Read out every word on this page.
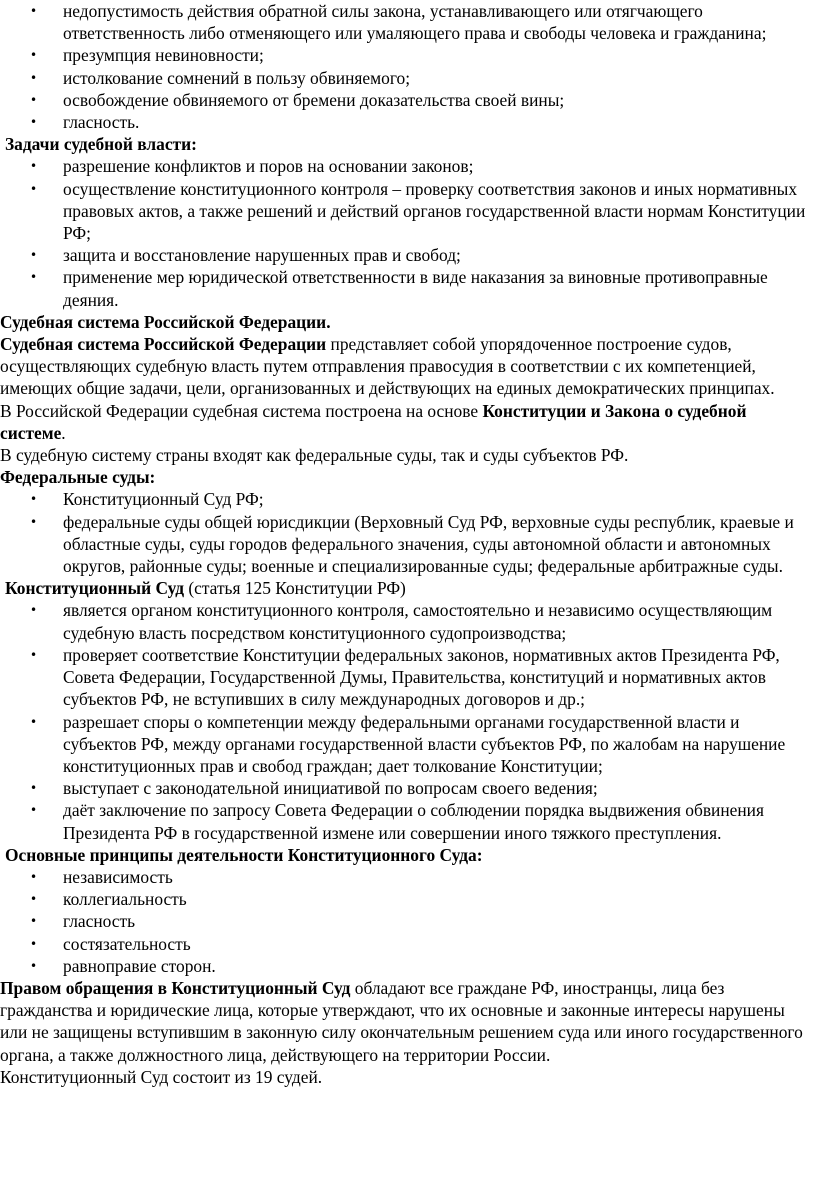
• недопустимость действия обратной силы закона, устанавливающего или отягчающего ответственность либо отменяющего или умаляющего права и свободы человека и гражданина;
• презумпция невиновности;
• истолкование сомнений в пользу обвиняемого;
• освобождение обвиняемого от бремени доказательства своей вины;
• гласность.
Задачи судебной власти:
• разрешение конфликтов и поров на основании законов;
• осуществление конституционного контроля – проверку соответствия законов и иных нормативных правовых актов, а также решений и действий органов государственной власти нормам Конституции РФ;
• защита и восстановление нарушенных прав и свобод;
• применение мер юридической ответственности в виде наказания за виновные противоправные деяния.
Судебная система Российской Федерации.
Судебная система Российской Федерации представляет собой упорядоченное построение судов, осуществляющих судебную власть путем отправления правосудия в соответствии с их компетенцией, имеющих общие задачи, цели, организованных и действующих на единых демократических принципах.
В Российской Федерации судебная система построена на основе Конституции и Закона о судебной системе.
В судебную систему страны входят как федеральные суды, так и суды субъектов РФ.
Федеральные суды:
• Конституционный Суд РФ;
• федеральные суды общей юрисдикции (Верховный Суд РФ, верховные суды республик, краевые и областные суды, суды городов федерального значения, суды автономной области и автономных округов, районные суды; военные и специализированные суды; федеральные арбитражные суды.
Конституционный Суд (статья 125 Конституции РФ)
• является органом конституционного контроля, самостоятельно и независимо осуществляющим судебную власть посредством конституционного судопроизводства;
• проверяет соответствие Конституции федеральных законов, нормативных актов Президента РФ, Совета Федерации, Государственной Думы, Правительства, конституций и нормативных актов субъектов РФ, не вступивших в силу международных договоров и др.;
• разрешает споры о компетенции между федеральными органами государственной власти и субъектов РФ, между органами государственной власти субъектов РФ, по жалобам на нарушение конституционных прав и свобод граждан; дает толкование Конституции;
• выступает с законодательной инициативой по вопросам своего ведения;
• даёт заключение по запросу Совета Федерации о соблюдении порядка выдвижения обвинения Президента РФ в государственной измене или совершении иного тяжкого преступления.
Основные принципы деятельности Конституционного Суда:
• независимость
• коллегиальность
• гласность
• состязательность
• равноправие сторон.
Правом обращения в Конституционный Суд обладают все граждане РФ, иностранцы, лица без гражданства и юридические лица, которые утверждают, что их основные и законные интересы нарушены или не защищены вступившим в законную силу окончательным решением суда или иного государственного органа, а также должностного лица, действующего на территории России.
Конституционный Суд состоит из 19 судей.
